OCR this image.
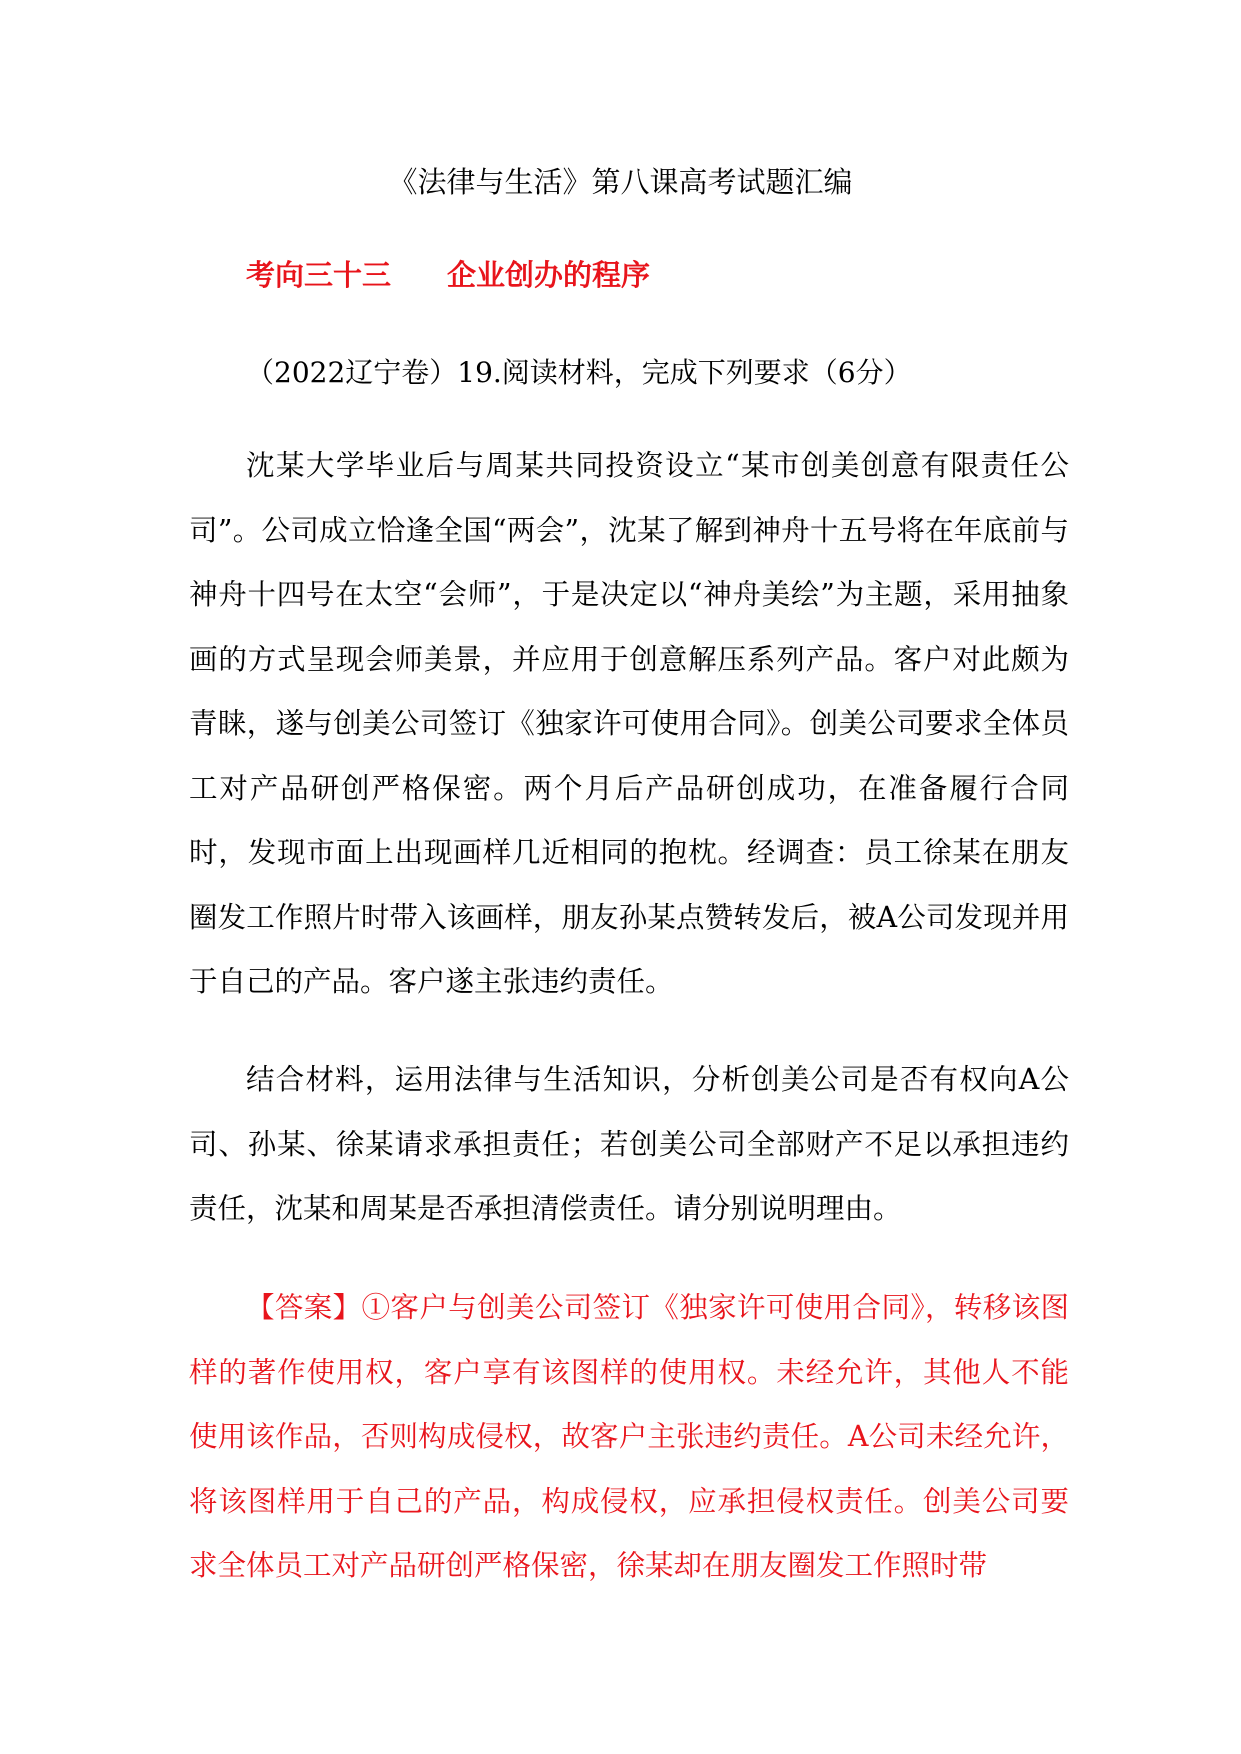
《法律与生活》第八课高考试题汇编
考向三十三 企业创办的程序
（2022辽宁卷）19.阅读材料，完成下列要求（6分）

沈某大学毕业后与周某共同投资设立“某市创美创意有限责任公司”。公司成立恰逢全国“两会”，沈某了解到神舟十五号将在年底前与神舟十四号在太空“会师”，于是决定以“神舟美绘”为主题，采用抽象画的方式呈现会师美景，并应用于创意解压系列产品。客户对此颇为青睐，遂与创美公司签订《独家许可使用合同》。创美公司要求全体员工对产品研创严格保密。两个月后产品研创成功，在准备履行合同时，发现市面上出现画样几近相同的抱枕。经调查：员工徐某在朋友圈发工作照片时带入该画样，朋友孙某点赞转发后，被A公司发现并用于自己的产品。客户遂主张违约责任。

结合材料，运用法律与生活知识，分析创美公司是否有权向A公司、孙某、徐某请求承担责任；若创美公司全部财产不足以承担违约责任，沈某和周某是否承担清偿责任。请分别说明理由。

【答案】①客户与创美公司签订《独家许可使用合同》，转移该图样的著作使用权，客户享有该图样的使用权。未经允许，其他人不能使用该作品，否则构成侵权，故客户主张违约责任。A公司未经允许，将该图样用于自己的产品，构成侵权，应承担侵权责任。创美公司要求全体员工对产品研创严格保密，徐某却在朋友圈发工作照时带
